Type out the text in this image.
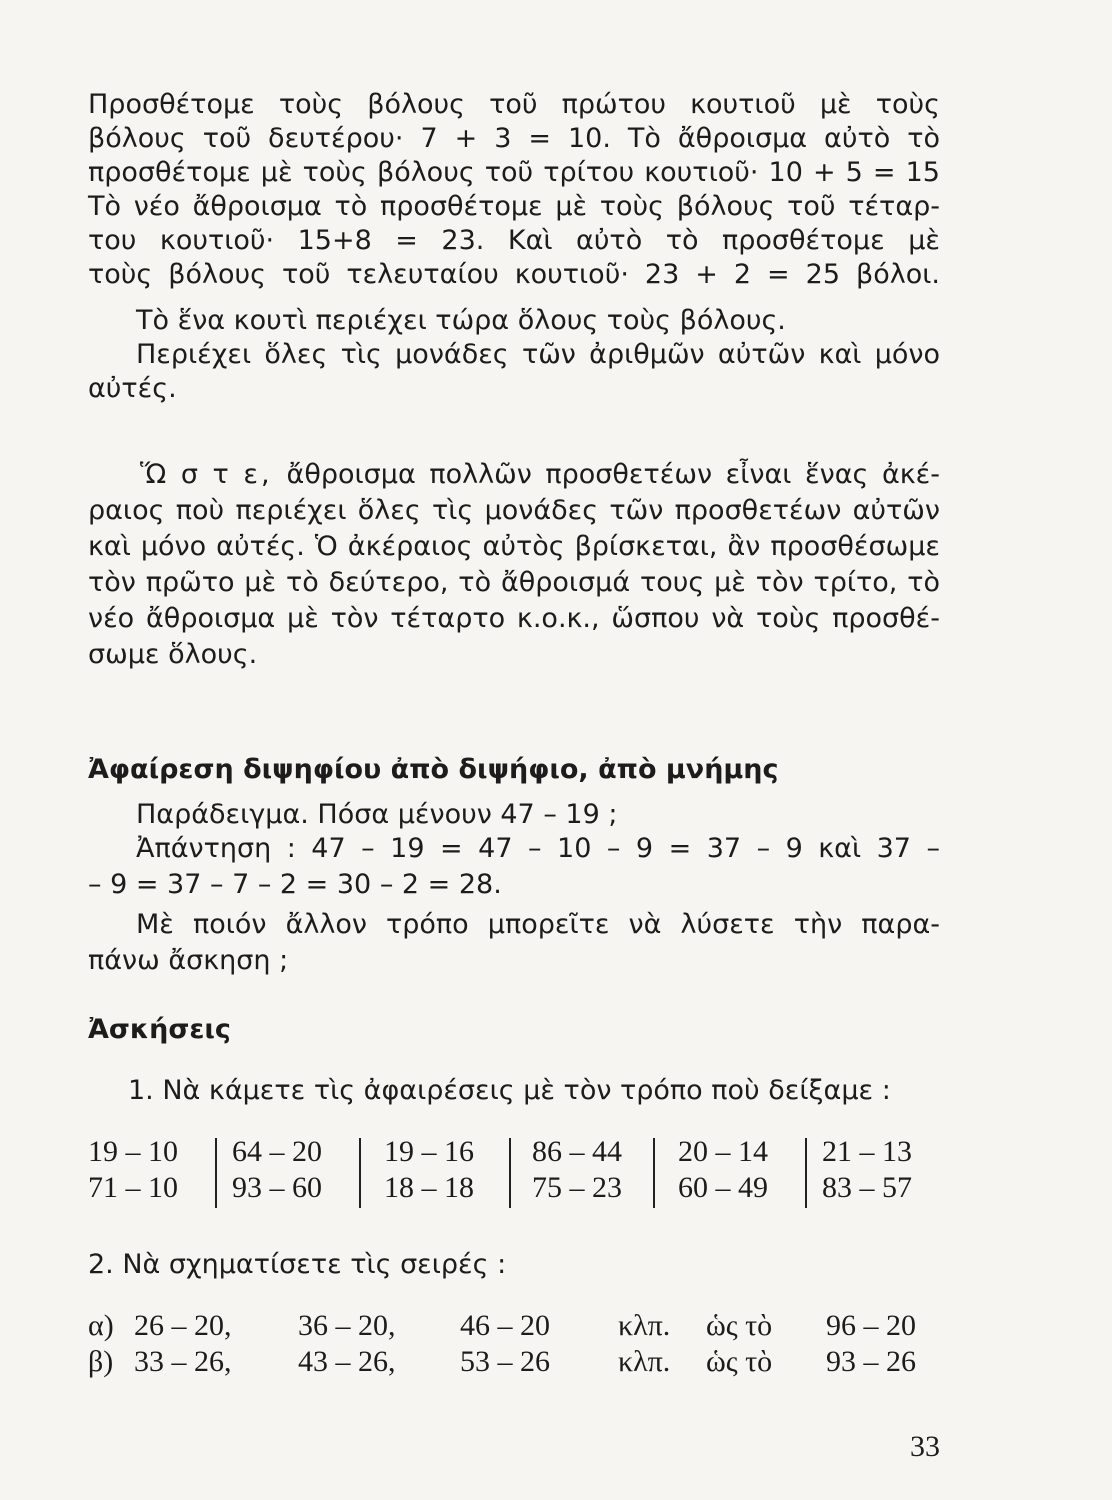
Προσθέτομε τοὺς βόλους τοῦ πρώτου κουτιοῦ μὲ τοὺς
βόλους τοῦ δευτέρου· 7 + 3 = 10. Τὸ ἄθροισμα αὐτὸ τὸ
προσθέτομε μὲ τοὺς βόλους τοῦ τρίτου κουτιοῦ· 10 + 5 = 15
Τὸ νέο ἄθροισμα τὸ προσθέτομε μὲ τοὺς βόλους τοῦ τέταρ-
του κουτιοῦ· 15+8 = 23. Καὶ αὐτὸ τὸ προσθέτομε μὲ
τοὺς βόλους τοῦ τελευταίου κουτιοῦ· 23 + 2 = 25 βόλοι.
Τὸ ἕνα κουτὶ περιέχει τώρα ὅλους τοὺς βόλους.
Περιέχει ὅλες τὶς μονάδες τῶν ἀριθμῶν αὐτῶν καὶ μόνο
αὐτές.
Ὥ σ τ ε, ἄθροισμα πολλῶν προσθετέων εἶναι ἕνας ἀκέ-
ραιος ποὺ περιέχει ὅλες τὶς μονάδες τῶν προσθετέων αὐτῶν
καὶ μόνο αὐτές. Ὁ ἀκέραιος αὐτὸς βρίσκεται, ἂν προσθέσωμε
τὸν πρῶτο μὲ τὸ δεύτερο, τὸ ἄθροισμά τους μὲ τὸν τρίτο, τὸ
νέο ἄθροισμα μὲ τὸν τέταρτο κ.ο.κ., ὥσπου νὰ τοὺς προσθέ-
σωμε ὅλους.
Ἀφαίρεση διψηφίου ἀπὸ διψήφιο, ἀπὸ μνήμης
Παράδειγμα. Πόσα μένουν 47 – 19 ;
Ἀπάντηση : 47 – 19 = 47 – 10 – 9 = 37 – 9 καὶ 37 –
– 9 = 37 – 7 – 2 = 30 – 2 = 28.
Μὲ ποιόν ἄλλον τρόπο μπορεῖτε νὰ λύσετε τὴν παρα-
πάνω ἄσκηση ;
Ἀσκήσεις
1. Νὰ κάμετε τὶς ἀφαιρέσεις μὲ τὸν τρόπο ποὺ δείξαμε :
19 – 10
71 – 10
64 – 20
93 – 60
19 – 16
18 – 18
86 – 44
75 – 23
20 – 14
60 – 49
21 – 13
83 – 57
2. Νὰ σχηματίσετε τὶς σειρές :
α) 26 – 20, 36 – 20, 46 – 20 κλπ. ὡς τὸ 96 – 20
β) 33 – 26, 43 – 26, 53 – 26 κλπ. ὡς τὸ 93 – 26
33
